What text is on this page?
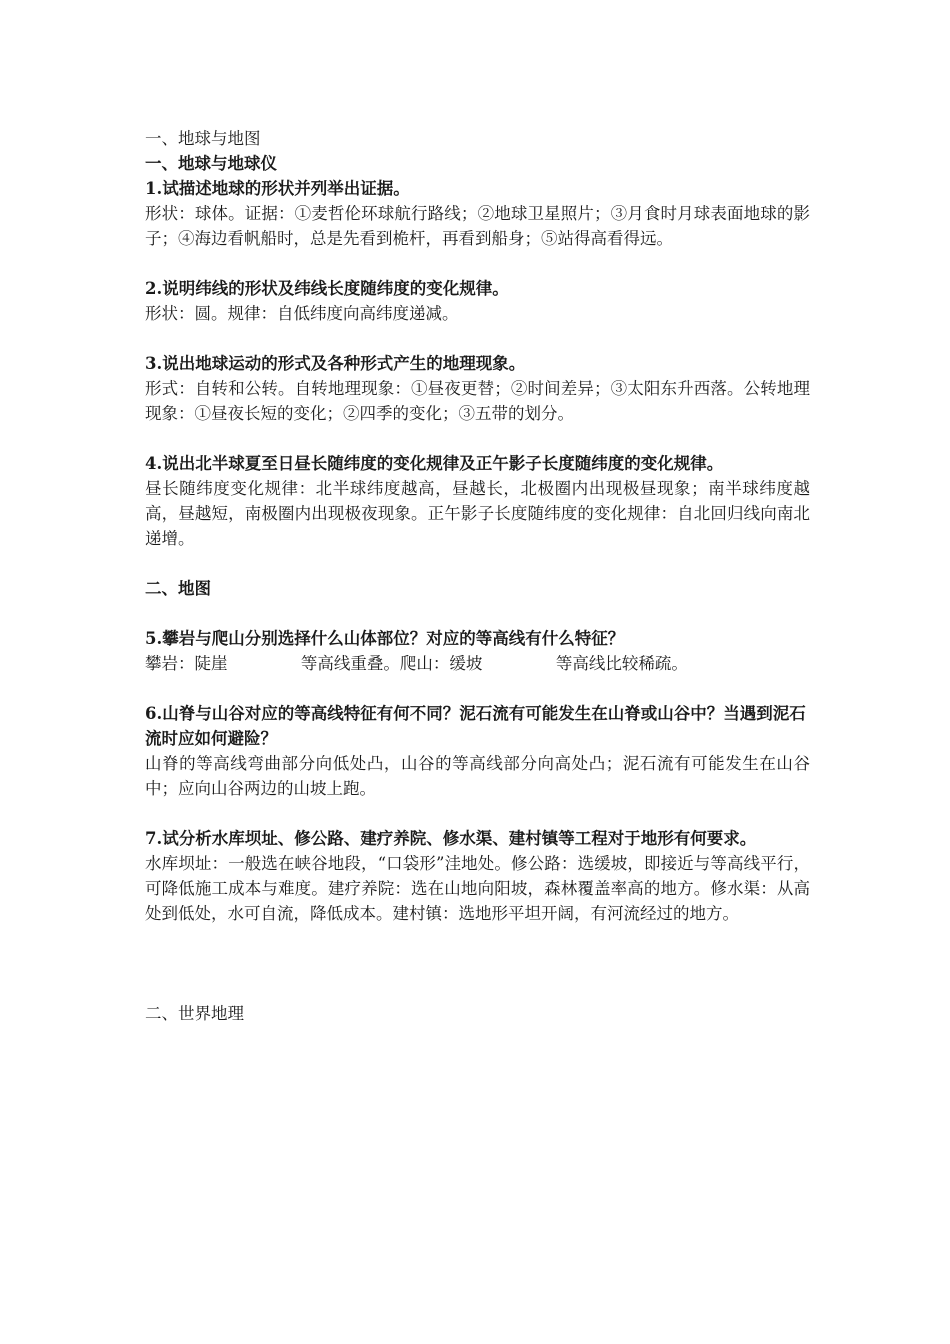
一、地球与地图
一、地球与地球仪
1.试描述地球的形状并列举出证据。
形状：球体。证据：①麦哲伦环球航行路线；②地球卫星照片；③月食时月球表面地球的影子；④海边看帆船时，总是先看到桅杆，再看到船身；⑤站得高看得远。
2.说明纬线的形状及纬线长度随纬度的变化规律。
形状：圆。规律：自低纬度向高纬度递减。
3.说出地球运动的形式及各种形式产生的地理现象。
形式：自转和公转。自转地理现象：①昼夜更替；②时间差异；③太阳东升西落。公转地理现象：①昼夜长短的变化；②四季的变化；③五带的划分。
4.说出北半球夏至日昼长随纬度的变化规律及正午影子长度随纬度的变化规律。
昼长随纬度变化规律：北半球纬度越高，昼越长，北极圈内出现极昼现象；南半球纬度越高，昼越短，南极圈内出现极夜现象。正午影子长度随纬度的变化规律：自北回归线向南北递增。
二、地图
5.攀岩与爬山分别选择什么山体部位？对应的等高线有什么特征？
攀岩：陡崖              等高线重叠。爬山：缓坡              等高线比较稀疏。
6.山脊与山谷对应的等高线特征有何不同？泥石流有可能发生在山脊或山谷中？当遇到泥石流时应如何避险？
山脊的等高线弯曲部分向低处凸，山谷的等高线部分向高处凸；泥石流有可能发生在山谷中；应向山谷两边的山坡上跑。
7.试分析水库坝址、修公路、建疗养院、修水渠、建村镇等工程对于地形有何要求。
水库坝址：一般选在峡谷地段，“口袋形”洼地处。修公路：选缓坡，即接近与等高线平行，可降低施工成本与难度。建疗养院：选在山地向阳坡，森林覆盖率高的地方。修水渠：从高处到低处，水可自流，降低成本。建村镇：选地形平坦开阔，有河流经过的地方。
二、世界地理
